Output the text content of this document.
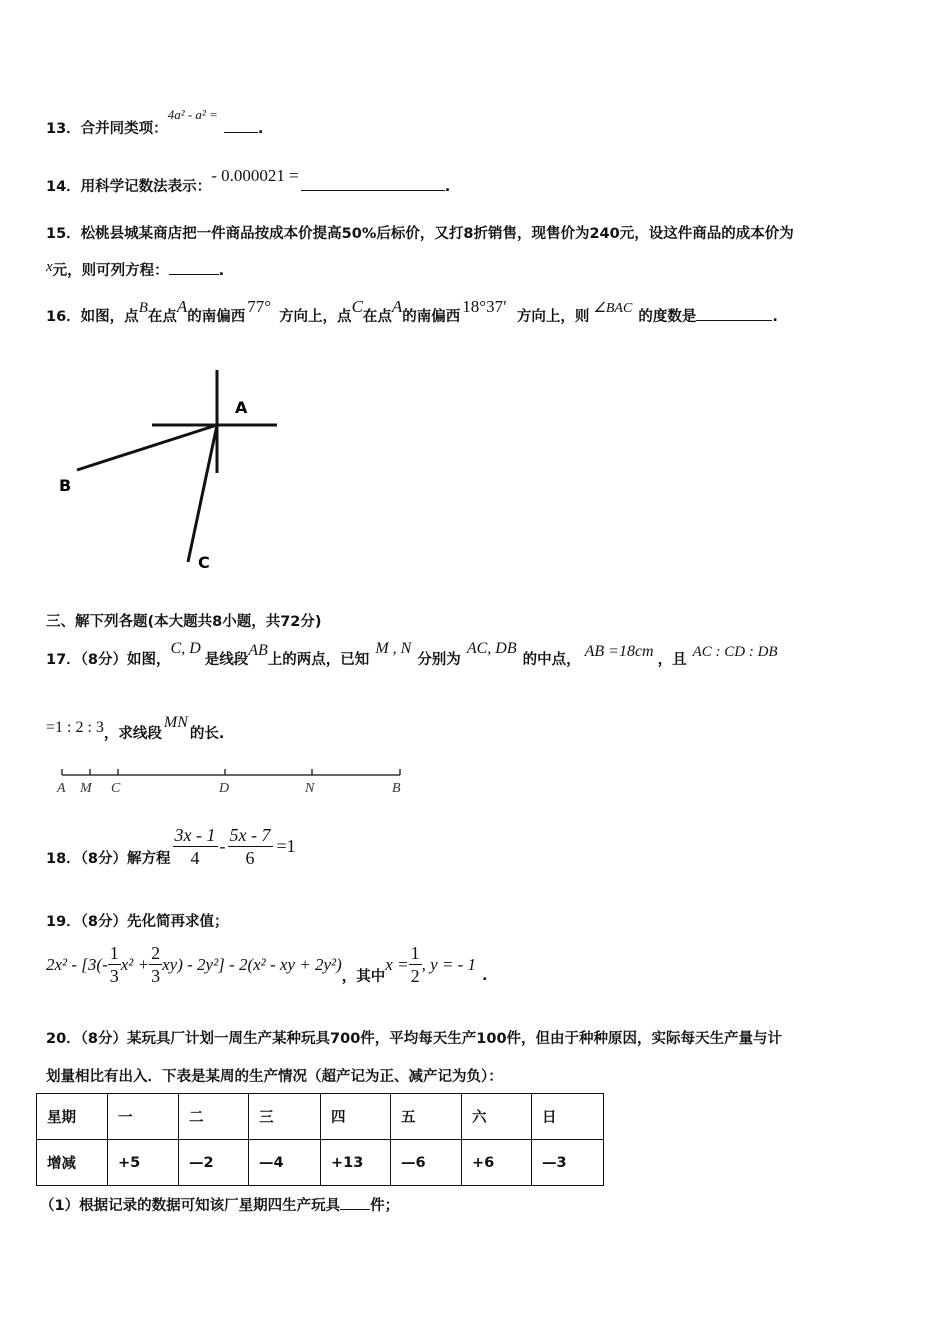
13．合并同类项：4a² - a² =.
14．用科学记数法表示：- 0.000021 =.
15．松桃县城某商店把一件商品按成本价提高50%后标价，又打8折销售，现售价为240元，设这件商品的成本价为
x元，则可列方程：	.
16．如图，点B在点A的南偏西77°方向上，点C在点A的南偏西18°37′方向上，则∠BAC的度数是	.
A
B
C
三、解下列各题(本大题共8小题，共72分)
17．（8分）如图，C, D是线段AB上的两点，已知M , N分别为AC, DB的中点， AB =18cm ，且 AC : CD : DB
=1 : 2 : 3，求线段MN的长.
A M C	D	N	B
18．（8分）解方程 $\frac{3x - 1}{4} - \frac{5x - 7}{6} =1$
19．（8分）先化简再求值；
$2x^2 - [3(- \frac{1}{3} x^2 + \frac{2}{3} xy) - 2y^2] - 2(x^2$ - xy + 2y²)
，其中
$x = \frac{1}{2}$ , y = - 1
.
20．（8分）某玩具厂计划一周生产某种玩具700件，平均每天生产100件，但由于种种原因，实际每天生产量与计
划量相比有出入．下表是某周的生产情况（超产记为正、减产记为负）：
星期	一	二	三	四	五	六	日
增减	+5	—2	—4	+13	—6	+6	—3
（1）根据记录的数据可知该厂星期四生产玩具 件；
